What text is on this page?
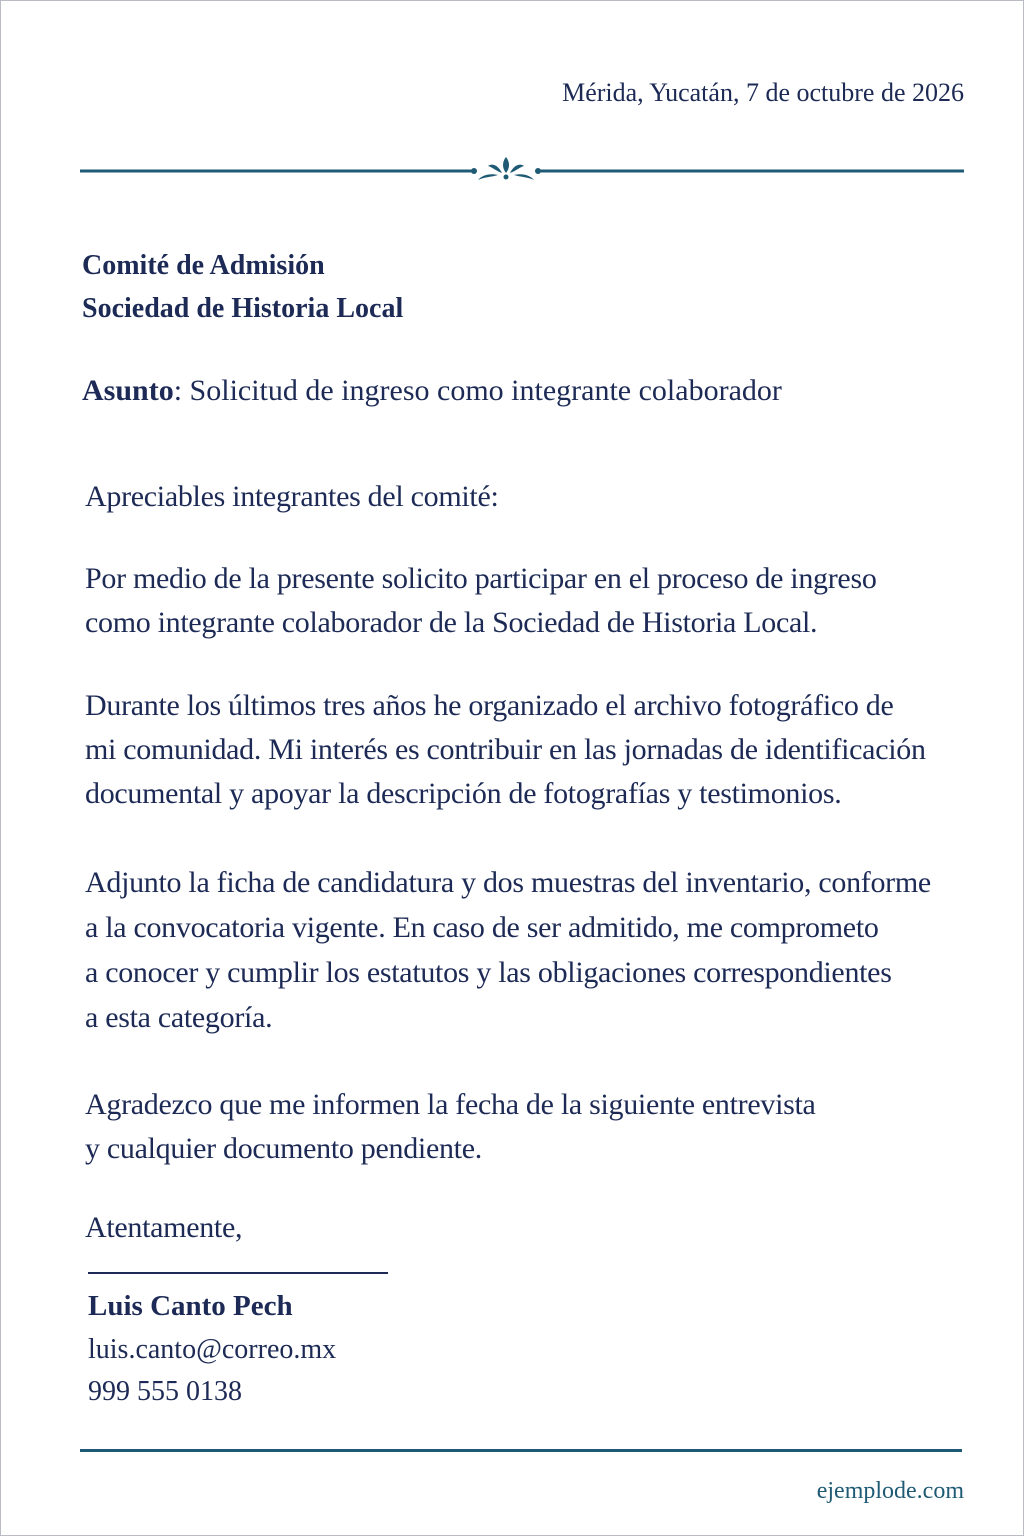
Mérida, Yucatán, 7 de octubre de 2026
Comité de Admisión
Sociedad de Historia Local
Asunto: Solicitud de ingreso como integrante colaborador
Apreciables integrantes del comité:
Por medio de la presente solicito participar en el proceso de ingreso
como integrante colaborador de la Sociedad de Historia Local.
Durante los últimos tres años he organizado el archivo fotográfico de
mi comunidad. Mi interés es contribuir en las jornadas de identificación
documental y apoyar la descripción de fotografías y testimonios.
Adjunto la ficha de candidatura y dos muestras del inventario, conforme
a la convocatoria vigente. En caso de ser admitido, me comprometo
a conocer y cumplir los estatutos y las obligaciones correspondientes
a esta categoría.
Agradezco que me informen la fecha de la siguiente entrevista
y cualquier documento pendiente.
Atentamente,
Luis Canto Pech
luis.canto@correo.mx
999 555 0138
ejemplode.com
